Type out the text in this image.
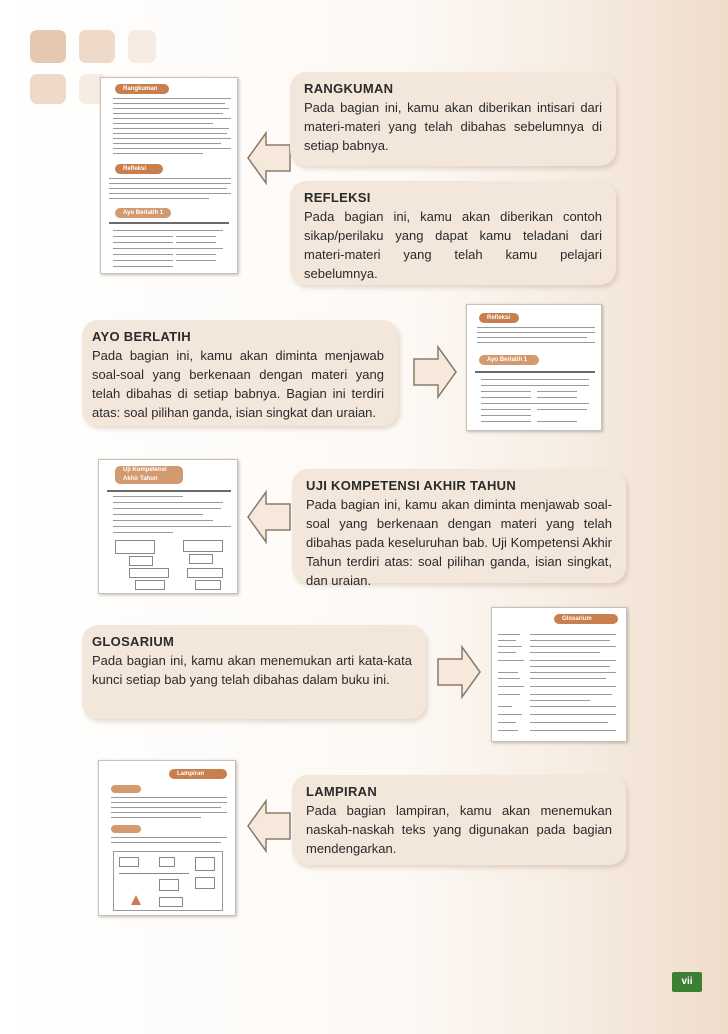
Rangkuman
Refleksi
Ayo Berlatih 1
RANGKUMAN
Pada bagian ini, kamu akan diberikan intisari dari materi-materi yang telah dibahas sebelumnya di setiap babnya.
REFLEKSI
Pada bagian ini, kamu akan diberikan contoh sikap/perilaku yang dapat kamu teladani dari materi-materi yang telah kamu pelajari sebelumnya.
AYO BERLATIH
Pada bagian ini, kamu akan diminta menjawab soal-soal yang berkenaan dengan materi yang telah dibahas di setiap babnya. Bagian ini terdiri atas: soal pilihan ganda, isian singkat dan uraian.
Refleksi
Ayo Berlatih 1
Uji Kompetensi Akhir Tahun	UJI KOMPETENSI AKHIR TAHUN
Pada bagian ini, kamu akan diminta menjawab soal-soal yang berkenaan dengan materi yang telah dibahas pada keseluruhan bab. Uji Kompetensi Akhir Tahun terdiri atas: soal pilihan ganda, isian singkat, dan uraian.
GLOSARIUM
Pada bagian ini, kamu akan menemukan arti kata-kata kunci setiap bab yang telah dibahas dalam buku ini.
Glosarium
Lampiran
LAMPIRAN
Pada bagian lampiran, kamu akan menemukan naskah-naskah teks yang digunakan pada bagian mendengarkan.
vii
